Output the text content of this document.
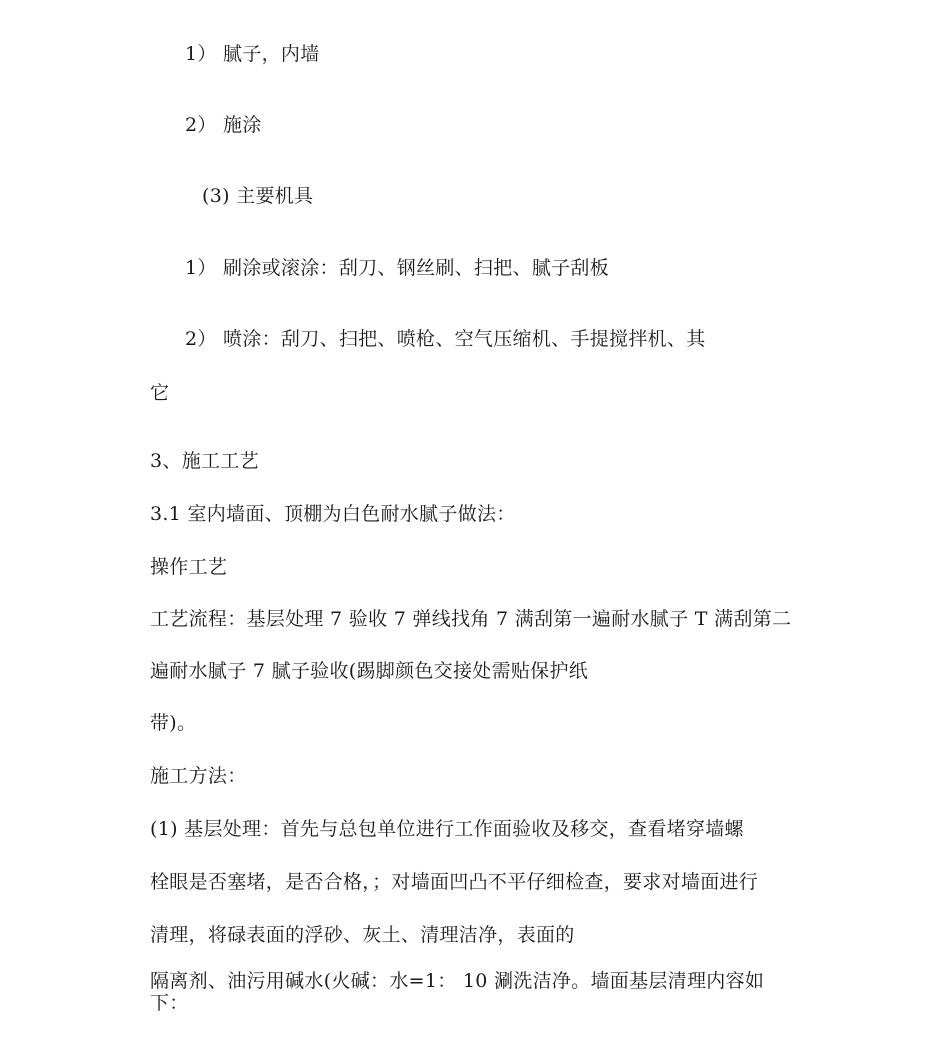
1） 腻子，内墙
2） 施涂
(3) 主要机具
1） 刷涂或滚涂：刮刀、钢丝刷、扫把、腻子刮板
2） 喷涂：刮刀、扫把、喷枪、空气压缩机、手提搅拌机、其
它
3、施工工艺
3.1 室内墙面、顶棚为白色耐水腻子做法：
操作工艺
工艺流程：基层处理 7 验收 7 弹线找角 7 满刮第一遍耐水腻子 T 满刮第二
遍耐水腻子 7 腻子验收(踢脚颜色交接处需贴保护纸
带)。
施工方法：
(1) 基层处理：首先与总包单位进行工作面验收及移交，查看堵穿墙螺
栓眼是否塞堵，是否合格，；对墙面凹凸不平仔细检查，要求对墙面进行
清理，将碌表面的浮砂、灰土、清理洁净，表面的
隔离剂、油污用碱水(火碱：水=1： 10 涮洗洁净。墙面基层清理内容如下：
